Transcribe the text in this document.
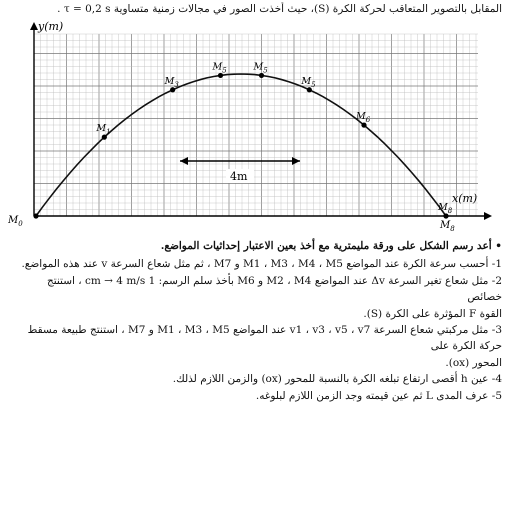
المقابل بالتصوير المتعاقب لحركة الكرة (S)، حيث أخذت الصور في مجالات زمنية متساوية τ = 0,2 s .
$M_1$
$M_3$
$M_5$	$M_5$
$M_5$
$M_6$
$M_8$
$M_8$
4m
y(m)
x(m)
$M_0$
• أعد رسم الشكل على ورقة مليمترية مع أخذ بعين الاعتبار إحداثيات المواضع.
1- أحسب سرعة الكرة عند المواضع M1 ، M3 ، M4 ، M5 و M7 ، ثم مثل شعاع السرعة v عند هذه المواضع.
2- مثل شعاع تغير السرعة Δv عند المواضع M2 ، M4 و M6 بأخذ سلم الرسم: 1 cm → 4 m/s ، استنتج خصائص
القوة F المؤثرة على الكرة (S).
3- مثل مركبتي شعاع السرعة v1 ، v3 ، v5 ، v7 عند المواضع M1 ، M3 ، M5 و M7 ، استنتج طبيعة مسقط حركة الكرة على
المحور (ox).
4- عين h أقصى ارتفاع تبلغه الكرة بالنسبة للمحور (ox) والزمن اللازم لذلك.
5- عرف المدى L ثم عين قيمته وجد الزمن اللازم لبلوغه.
